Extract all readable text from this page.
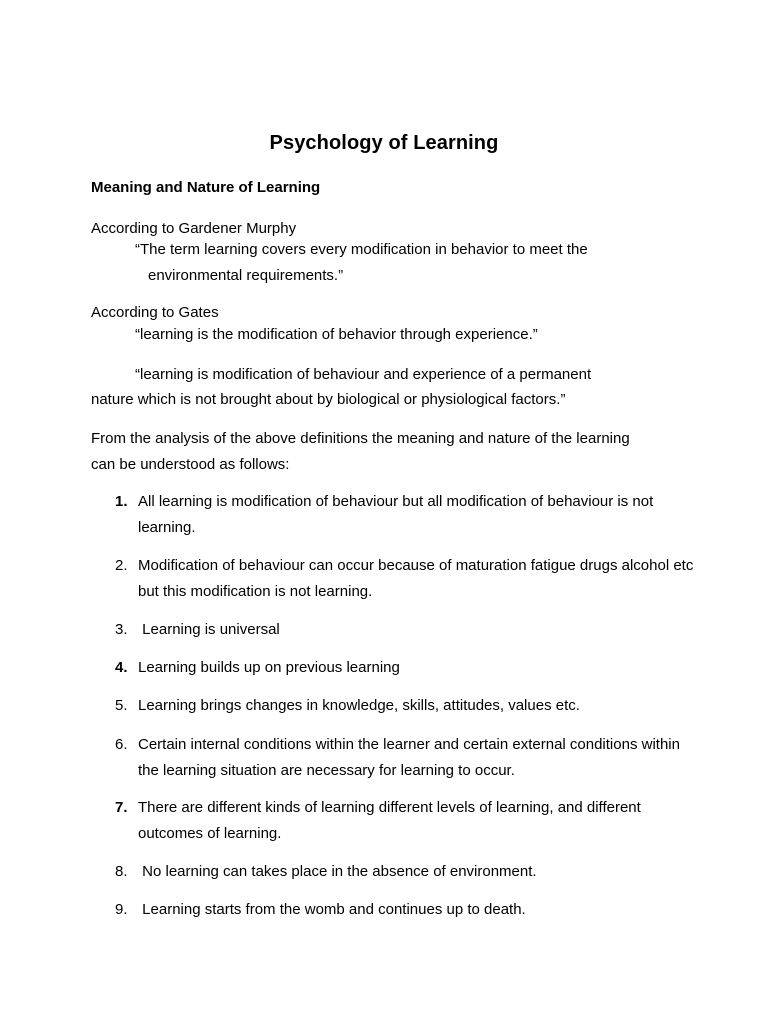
Psychology of Learning
Meaning and Nature of Learning
According to Gardener Murphy
“The term learning covers every modification in behavior to meet the
environmental requirements.”
According to Gates
“learning is the modification of behavior through experience.”
“learning is modification of behaviour and experience of a permanent
nature which is not brought about by biological or physiological factors.”
From the analysis of the above definitions the meaning and nature of the learning
can be understood as follows:
1. All learning is modification of behaviour but all modification of behaviour is not learning.
2. Modification of behaviour can occur because of maturation fatigue drugs alcohol etc but this modification is not learning.
3. Learning is universal
4. Learning builds up on previous learning
5. Learning brings changes in knowledge, skills, attitudes, values etc.
6. Certain internal conditions within the learner and certain external conditions within the learning situation are necessary for learning to occur.
7. There are different kinds of learning different levels of learning, and different outcomes of learning.
8. No learning can takes place in the absence of environment.
9. Learning starts from the womb and continues up to death.
